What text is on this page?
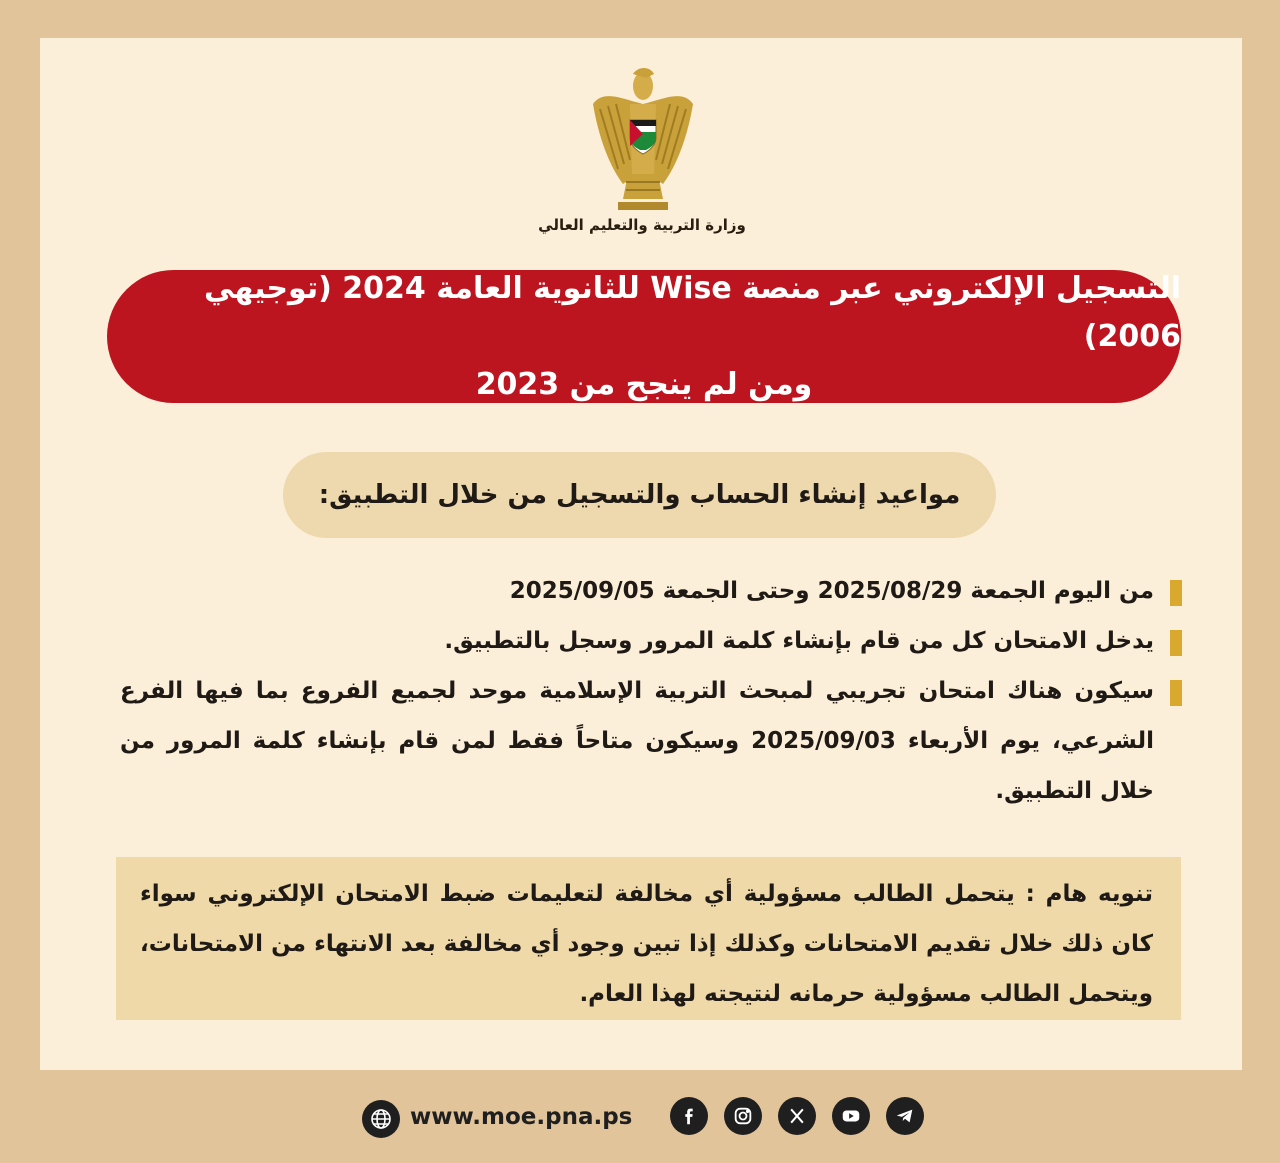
وزارة التربية والتعليم العالي
التسجيل الإلكتروني عبر منصة Wise للثانوية العامة 2024 (توجيهي 2006)
ومن لم ينجح من 2023
مواعيد إنشاء الحساب والتسجيل من خلال التطبيق:
من اليوم الجمعة 2025/08/29 وحتى الجمعة 2025/09/05
يدخل الامتحان كل من قام بإنشاء كلمة المرور وسجل بالتطبيق.
سيكون هناك امتحان تجريبي لمبحث التربية الإسلامية موحد لجميع الفروع بما فيها الفرع الشرعي، يوم الأربعاء 2025/09/03 وسيكون متاحاً فقط لمن قام بإنشاء كلمة المرور من خلال التطبيق.
تنويه هام : يتحمل الطالب مسؤولية أي مخالفة لتعليمات ضبط الامتحان الإلكتروني سواء كان ذلك خلال تقديم الامتحانات وكذلك إذا تبين وجود أي مخالفة بعد الانتهاء من الامتحانات، ويتحمل الطالب مسؤولية حرمانه لنتيجته لهذا العام.
www.moe.pna.ps
